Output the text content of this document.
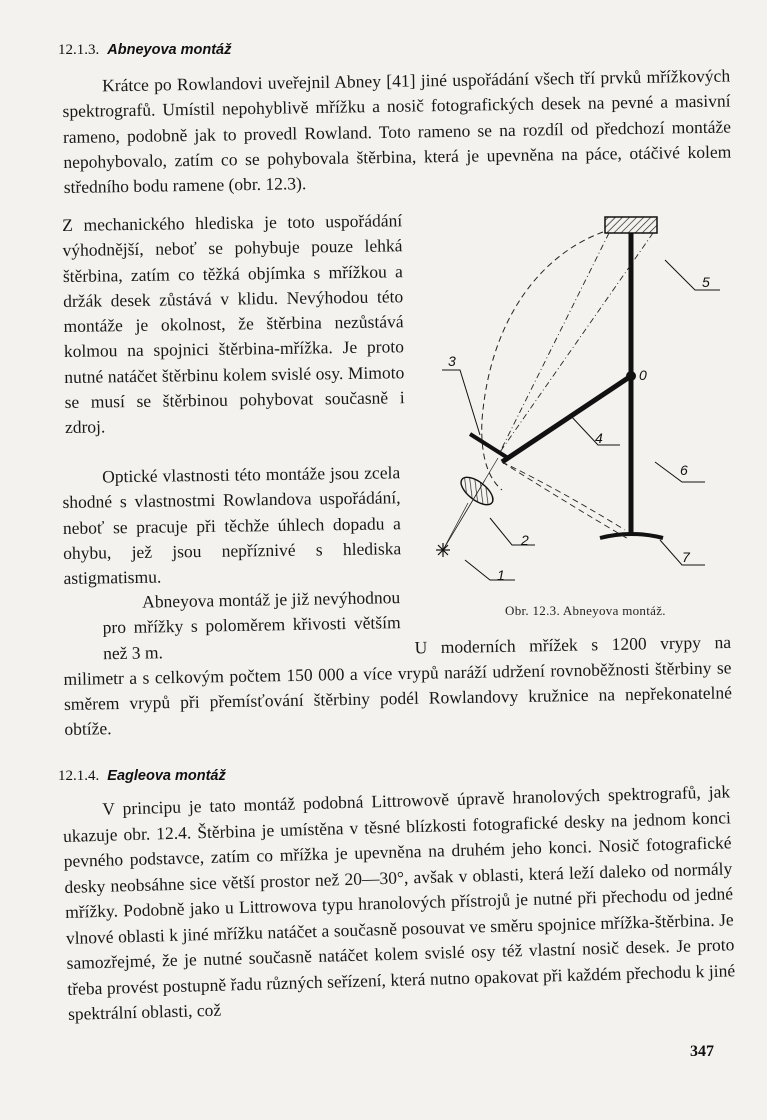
12.1.3. Abneyova montáž

Krátce po Rowlandovi uveřejnil Abney [41] jiné uspořádání všech tří prvků mřížkových spektrografů. Umístil nepohyblivě mřížku a nosič fotografických desek na pevné a masivní rameno, podobně jak to provedl Rowland. Toto rameno se na rozdíl od předchozí montáže nepohybovalo, zatím co se pohybovala štěrbina, která je upevněna na páce, otáčivé kolem středního bodu ramene (obr. 12.3).

Z mechanického hlediska je toto uspořádání výhodnější, neboť se pohybuje pouze lehká štěrbina, zatím co těžká objímka s mřížkou a držák desek zůstává v klidu. Nevýhodou této montáže je okolnost, že štěrbina nezůstává kolmou na spojnici štěrbina-mřížka. Je proto nutné natáčet štěrbinu kolem svislé osy. Mimoto se musí se štěrbinou pohybovat současně i zdroj.

Optické vlastnosti této montáže jsou zcela shodné s vlastnostmi Rowlandova uspořádání, neboť se pracuje při těchže úhlech dopadu a ohybu, jež jsou nepříznivé s hlediska astigmatismu.

Abneyova montáž je již nevýhodnou pro mřížky s poloměrem křivosti větším než 3 m.	U moderních mřížek s 1200 vrypy na milimetr a s celkovým počtem 150 000 a více vrypů naráží udržení rovnoběžnosti štěrbiny se směrem vrypů při přemísťování štěrbiny podél Rowlandovy kružnice na nepřekonatelné obtíže.
12.1.4. Eagleova montáž

V principu je tato montáž podobná Littrowově úpravě hranolových spektrografů, jak ukazuje obr. 12.4. Štěrbina je umístěna v těsné blízkosti fotografické desky na jednom konci pevného podstavce, zatím co mřížka je upevněna na druhém jeho konci. Nosič fotografické desky neobsáhne sice větší prostor než 20—30°, avšak v oblasti, která leží daleko od normály mřížky. Podobně jako u Littrowova typu hranolových přístrojů je nutné při přechodu od jedné vlnové oblasti k jiné mřížku natáčet a současně posouvat ve směru spojnice mřížka-štěrbina. Je samozřejmé, že je nutné současně natáčet kolem svislé osy též vlastní nosič desek. Je proto třeba provést postupně řadu různých seřízení, která nutno opakovat při každém přechodu k jiné spektrální oblasti, což

3
5
0
4
6
2
7
1
Obr. 12.3. Abneyova montáž.
347
